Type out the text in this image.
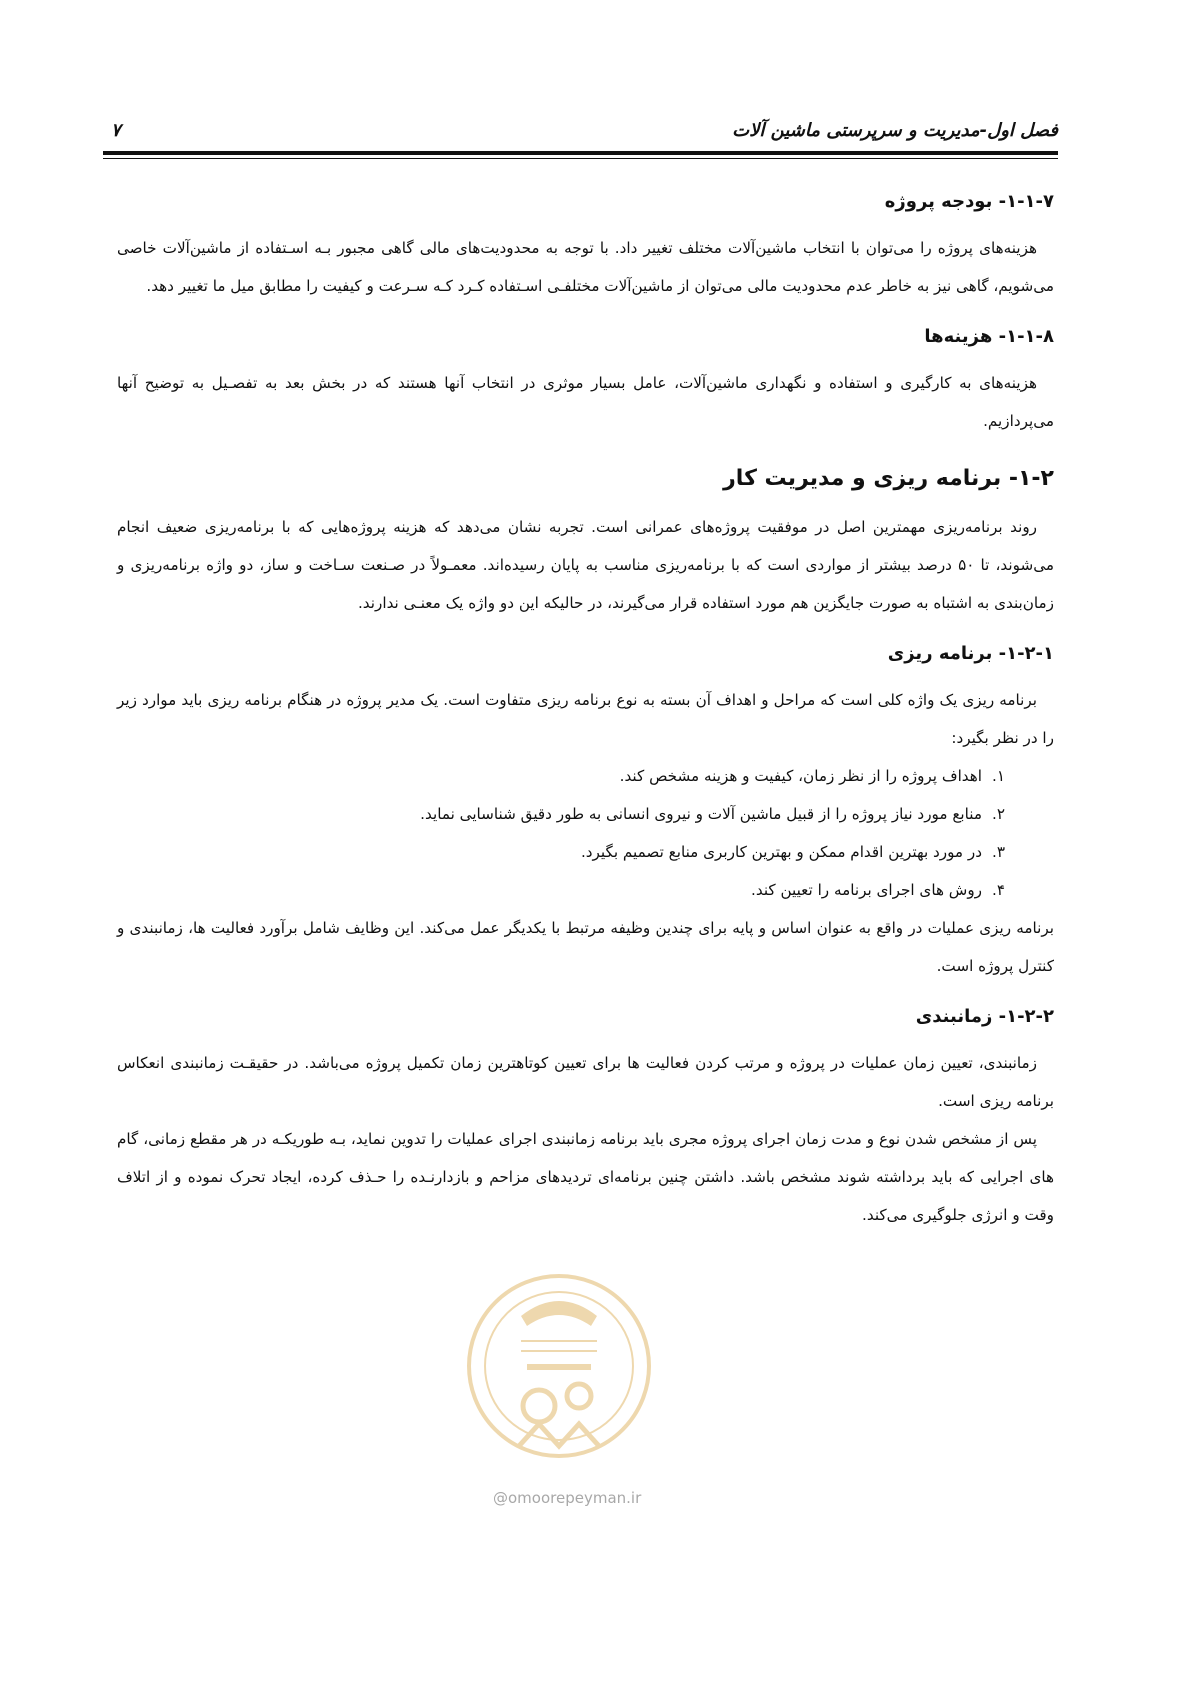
فصل اول-مدیریت و سرپرستی ماشین آلات
۷
۱-۱-۷- بودجه پروژه

هزینه‌های پروژه را می‌توان با انتخاب ماشین‌آلات مختلف تغییر داد. با توجه به محدودیت‌های مالی گاهی مجبور بـه اسـتفاده از ماشین‌آلات خاصی می‌شویم، گاهی نیز به خاطر عدم محدودیت مالی می‌توان از ماشین‌آلات مختلفـی اسـتفاده کـرد کـه سـرعت و کیفیت را مطابق میل ما تغییر دهد.

۱-۱-۸- هزینه‌ها

هزینه‌های به کارگیری و استفاده و نگهداری ماشین‌آلات، عامل بسیار موثری در انتخاب آنها هستند که در بخش بعد به تفصـیل به توضیح آنها می‌پردازیم.

۱-۲- برنامه ریزی و مدیریت کار

روند برنامه‌ریزی مهمترین اصل در موفقیت پروژه‌های عمرانی است. تجربه نشان می‌دهد که هزینه پروژه‌هایی که با برنامه‌ریزی ضعیف انجام می‌شوند، تا ۵۰ درصد بیشتر از مواردی است که با برنامه‌ریزی مناسب به پایان رسیده‌اند. معمـولاً در صـنعت سـاخت و ساز، دو واژه برنامه‌ریزی و زمان‌بندی به اشتباه به صورت جایگزین هم مورد استفاده قرار می‌گیرند، در حالیکه این دو واژه یک معنـی ندارند.

۱-۲-۱- برنامه ریزی

برنامه ریزی یک واژه کلی است که مراحل و اهداف آن بسته به نوع برنامه ریزی متفاوت است. یک مدیر پروژه در هنگام برنامه ریزی باید موارد زیر را در نظر بگیرد:

۱.
اهداف پروژه را از نظر زمان، کیفیت و هزینه مشخص کند.
۲.
منابع مورد نیاز پروژه را از قبیل ماشین آلات و نیروی انسانی به طور دقیق شناسایی نماید.
۳.
در مورد بهترین اقدام ممکن و بهترین کاربری منابع تصمیم بگیرد.
۴.
روش های اجرای برنامه را تعیین کند.

برنامه ریزی عملیات در واقع به عنوان اساس و پایه برای چندین وظیفه مرتبط با یکدیگر عمل می‌کند. این وظایف شامل برآورد فعالیت ها، زمانبندی و کنترل پروژه است.

۱-۲-۲- زمانبندی

زمانبندی، تعیین زمان عملیات در پروژه و مرتب کردن فعالیت ها برای تعیین کوتاهترین زمان تکمیل پروژه می‌باشد. در حقیقـت زمانبندی انعکاس برنامه ریزی است.

پس از مشخص شدن نوع و مدت زمان اجرای پروژه مجری باید برنامه زمانبندی اجرای عملیات را تدوین نماید، بـه طوریکـه در هر مقطع زمانی، گام های اجرایی که باید برداشته شوند مشخص باشد. داشتن چنین برنامه‌ای تردیدهای مزاحم و بازدارنـده را حـذف کرده، ایجاد تحرک نموده و از اتلاف وقت و انرژی جلوگیری می‌کند.

@omoorepeyman.ir
